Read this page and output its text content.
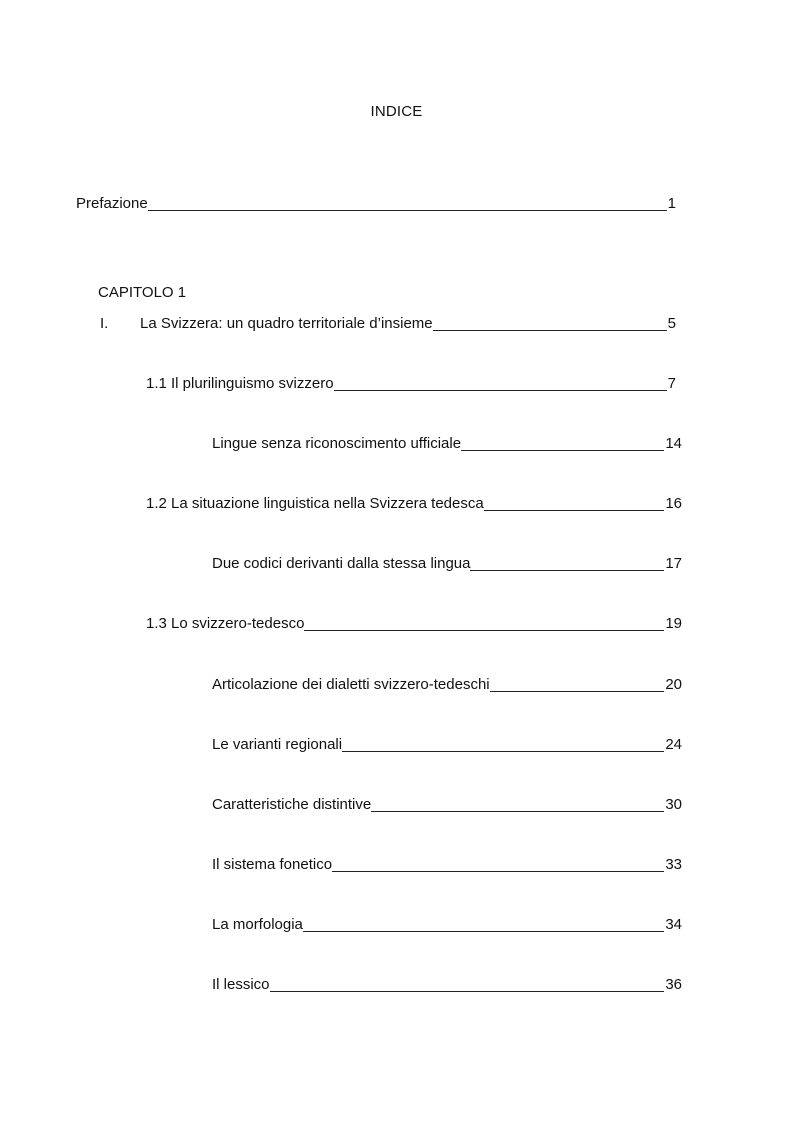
INDICE
Prefazione	1
CAPITOLO 1
I.	La Svizzera: un quadro territoriale d’insieme	5
1.1 Il plurilinguismo svizzero	7
Lingue senza riconoscimento ufficiale	14
1.2 La situazione linguistica nella Svizzera tedesca	16
Due codici derivanti dalla stessa lingua	17
1.3 Lo svizzero-tedesco	19
Articolazione dei dialetti svizzero-tedeschi	20
Le varianti regionali	24
Caratteristiche distintive	30
Il sistema fonetico	33
La morfologia	34
Il lessico	36
